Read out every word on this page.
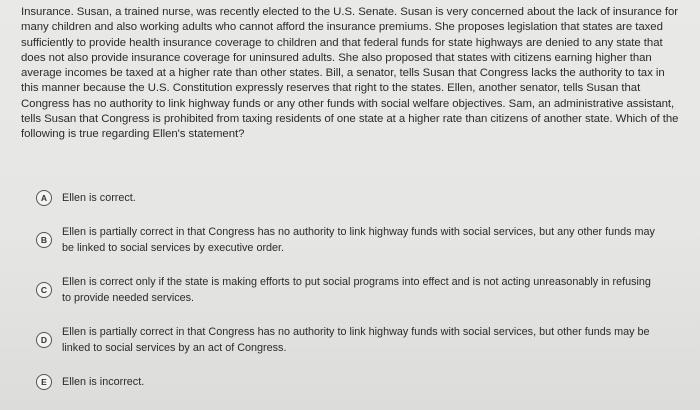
Insurance. Susan, a trained nurse, was recently elected to the U.S. Senate. Susan is very concerned about the lack of insurance for many children and also working adults who cannot afford the insurance premiums. She proposes legislation that states are taxed sufficiently to provide health insurance coverage to children and that federal funds for state highways are denied to any state that does not also provide insurance coverage for uninsured adults. She also proposed that states with citizens earning higher than average incomes be taxed at a higher rate than other states. Bill, a senator, tells Susan that Congress lacks the authority to tax in this manner because the U.S. Constitution expressly reserves that right to the states. Ellen, another senator, tells Susan that Congress has no authority to link highway funds or any other funds with social welfare objectives. Sam, an administrative assistant, tells Susan that Congress is prohibited from taxing residents of one state at a higher rate than citizens of another state. Which of the following is true regarding Ellen's statement?

A	Ellen is correct.
B
Ellen is partially correct in that Congress has no authority to link highway funds with social services, but any other funds may be linked to social services by executive order.
C
Ellen is correct only if the state is making efforts to put social programs into effect and is not acting unreasonably in refusing to provide needed services.
D
Ellen is partially correct in that Congress has no authority to link highway funds with social services, but other funds may be linked to social services by an act of Congress.
E	Ellen is incorrect.
